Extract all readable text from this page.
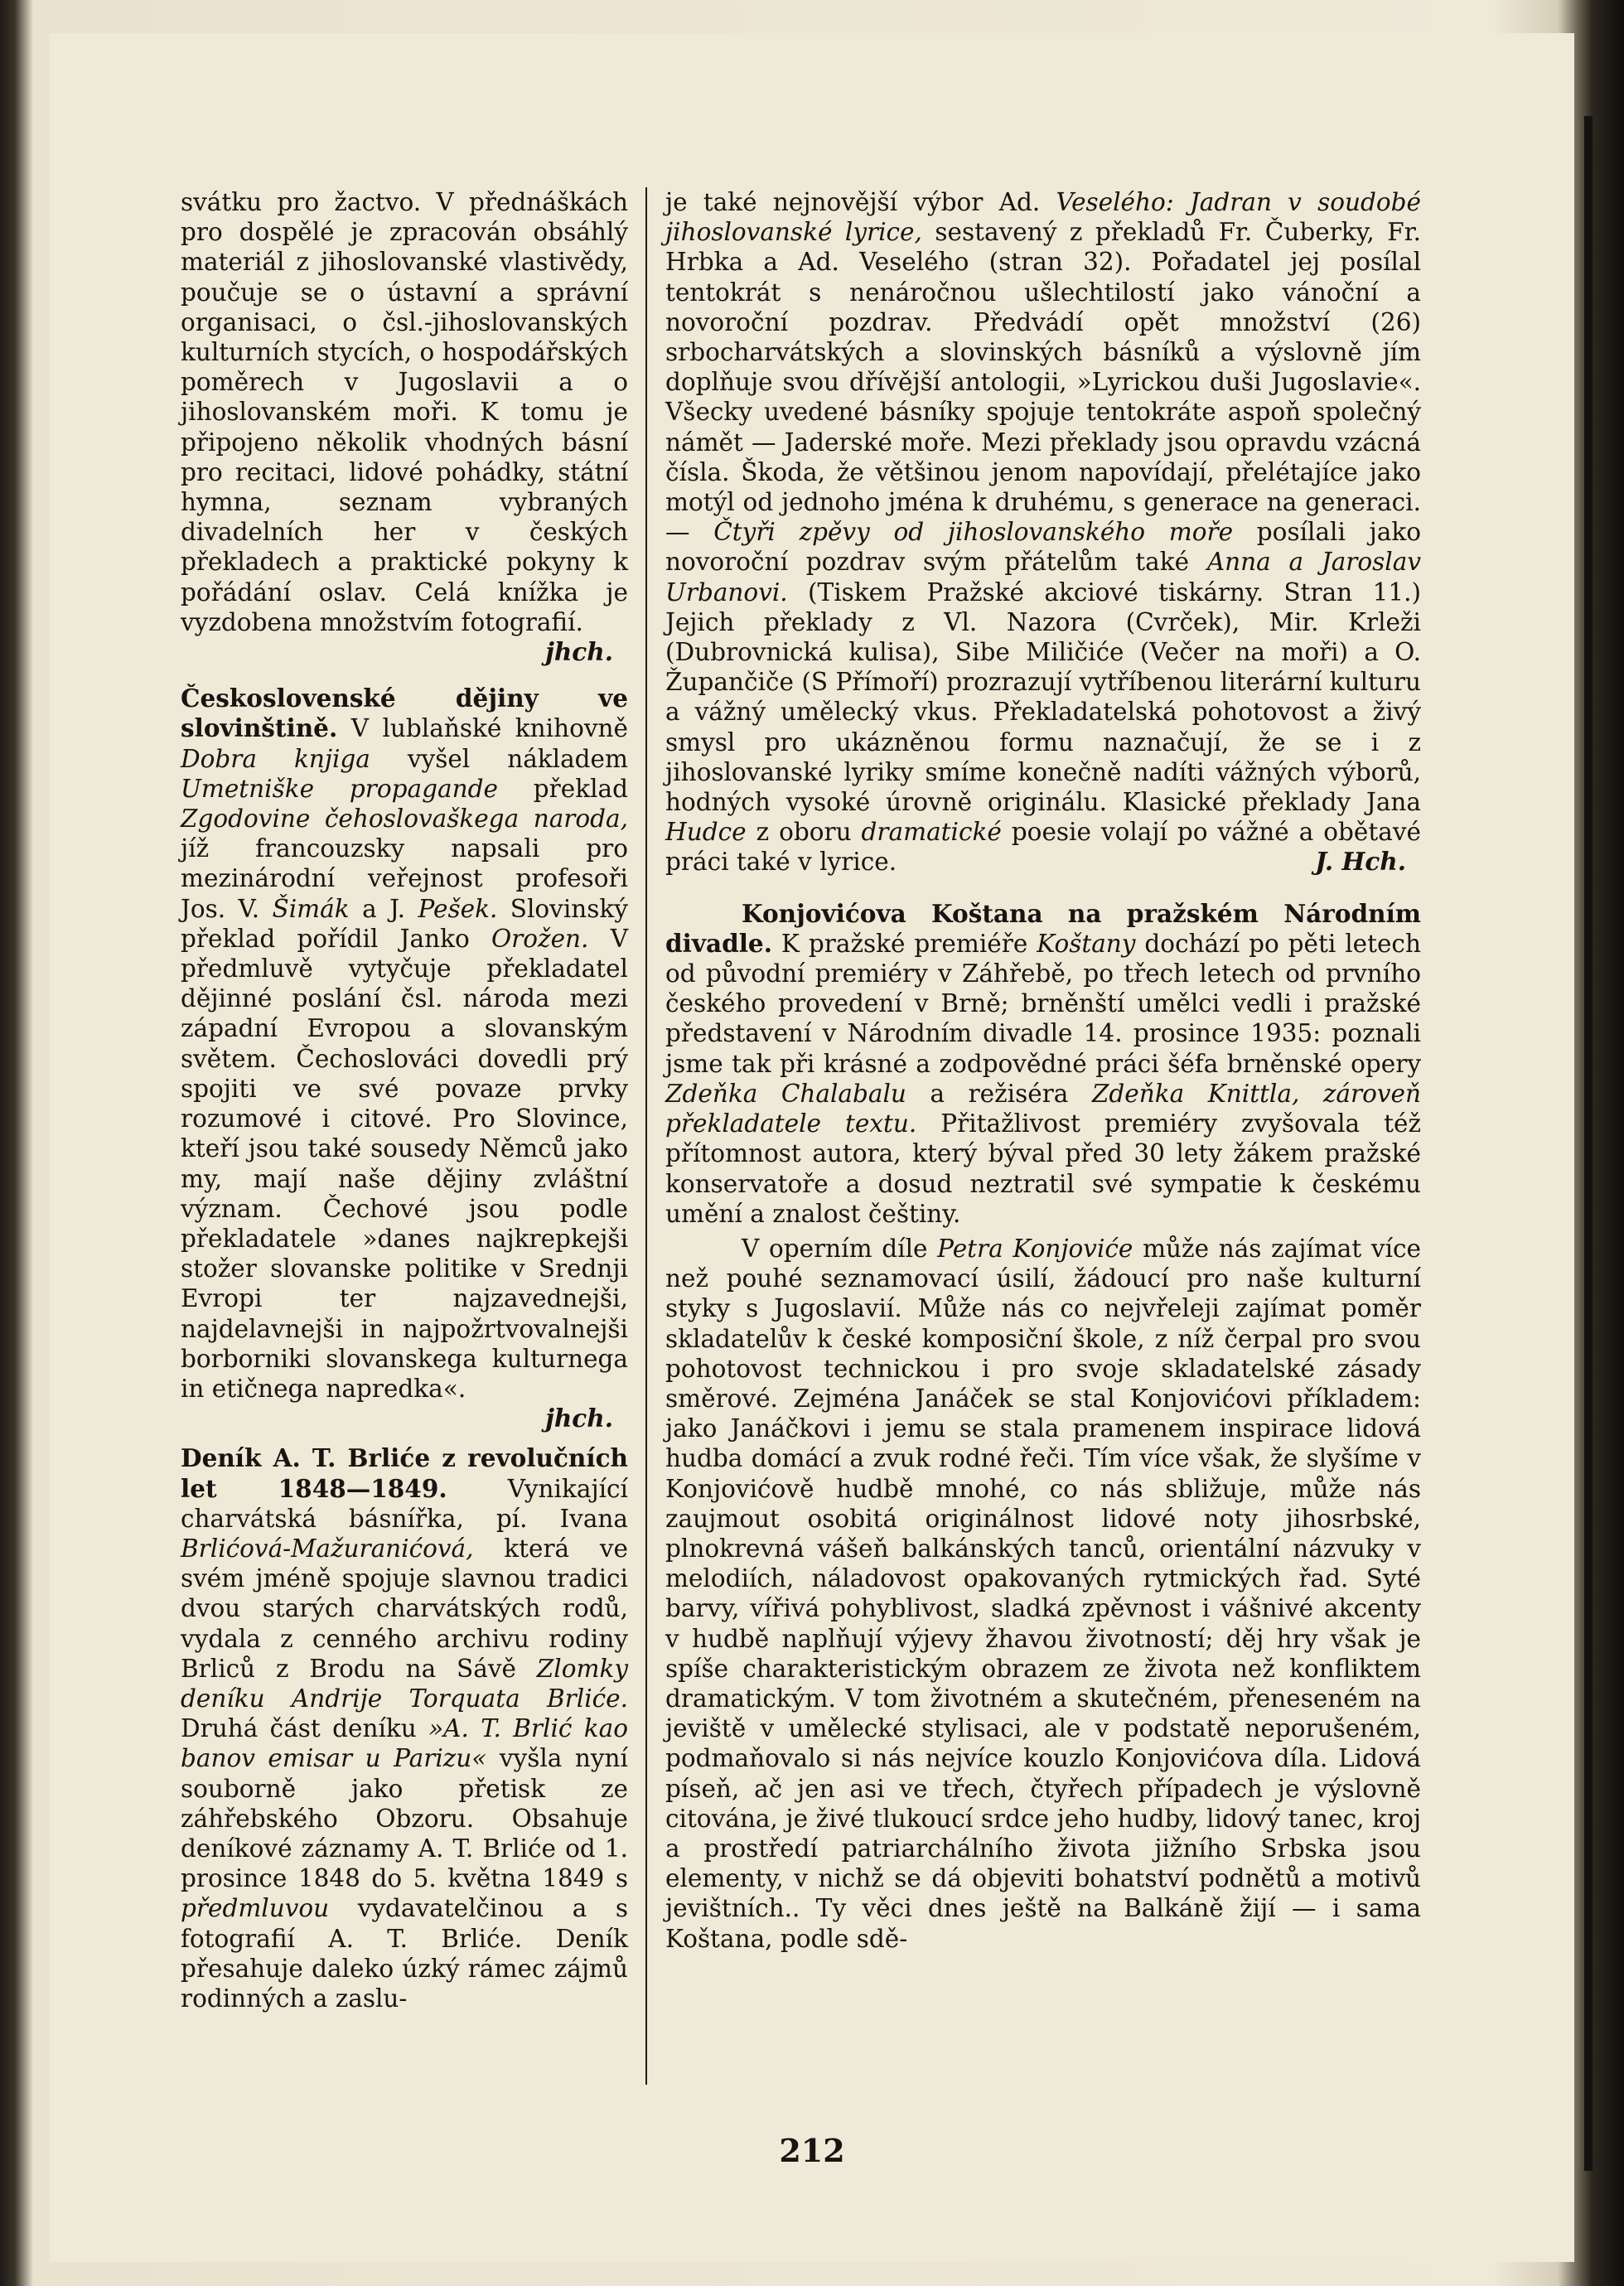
svátku pro žactvo. V přednáškách pro dospělé je zpracován obsáhlý materiál z jihoslovanské vlastivědy, poučuje se o ústavní a správní organisaci, o čsl.-jihoslovanských kulturních stycích, o hospodářských poměrech v Jugoslavii a o jihoslovanském moři. K tomu je připojeno několik vhodných básní pro recitaci, lidové pohádky, státní hymna, seznam vybraných divadelních her v českých překladech a praktické pokyny k pořádání oslav. Celá knížka je vyzdobena množstvím fotografií.

jhch.

Československé dějiny ve slovinštině. V lublaňské knihovně Dobra knjiga vyšel nákladem Umetniške propagande překlad Zgodovine čehoslovaškega naroda, jíž francouzsky napsali pro mezinárodní veřejnost profesoři Jos. V. Šimák a J. Pešek. Slovinský překlad pořídil Janko Orožen. V předmluvě vytyčuje překladatel dějinné poslání čsl. národa mezi západní Evropou a slovanským světem. Čechoslováci dovedli prý spojiti ve své povaze prvky rozumové i citové. Pro Slovince, kteří jsou také sousedy Němců jako my, mají naše dějiny zvláštní význam. Čechové jsou podle překladatele »danes najkrepkejši stožer slovanske politike v Srednji Evropi ter najzavednejši, najdelavnejši in najpožrtvovalnejši borborniki slovanskega kulturnega in etičnega napredka«.

jhch.

Deník A. T. Brliće z revolučních let 1848—1849. Vynikající charvátská básnířka, pí. Ivana Brlićová-Mažuranićová, která ve svém jméně spojuje slavnou tradici dvou starých charvátských rodů, vydala z cenného archivu rodiny Brliců z Brodu na Sávě Zlomky deníku Andrije Torquata Brliće. Druhá část deníku »A. T. Brlić kao banov emisar u Parizu« vyšla nyní souborně jako přetisk ze záhřebského Obzoru. Obsahuje deníkové záznamy A. T. Brliće od 1. prosince 1848 do 5. května 1849 s předmluvou vydavatelčinou a s fotografií A. T. Brliće. Deník přesahuje daleko úzký rámec zájmů rodinných a zaslu-

je také nejnovější výbor Ad. Veselého: Jadran v soudobé jihoslovanské lyrice, sestavený z překladů Fr. Čuberky, Fr. Hrbka a Ad. Veselého (stran 32). Pořadatel jej posílal tentokrát s nenáročnou ušlechtilostí jako vánoční a novoroční pozdrav. Předvádí opět množství (26) srbocharvátských a slovinských básníků a výslovně jím doplňuje svou dřívější antologii, »Lyrickou duši Jugoslavie«. Všecky uvedené básníky spojuje tentokráte aspoň společný námět — Jaderské moře. Mezi překlady jsou opravdu vzácná čísla. Škoda, že většinou jenom napovídají, přelétajíce jako motýl od jednoho jména k druhému, s generace na generaci. — Čtyři zpěvy od jihoslovanského moře posílali jako novoroční pozdrav svým přátelům také Anna a Jaroslav Urbanovi. (Tiskem Pražské akciové tiskárny. Stran 11.) Jejich překlady z Vl. Nazora (Cvrček), Mir. Krleži (Dubrovnická kulisa), Sibe Miličiće (Večer na moři) a O. Župančiče (S Přímoří) prozrazují vytříbenou literární kulturu a vážný umělecký vkus. Překladatelská pohotovost a živý smysl pro ukázněnou formu naznačují, že se i z jihoslovanské lyriky smíme konečně nadíti vážných výborů, hodných vysoké úrovně originálu. Klasické překlady Jana Hudce z oboru dramatické poesie volají po vážné a obětavé práci také v lyrice.	J. Hch.

Konjovićova Koštana na pražském Národním divadle. K pražské premiéře Koštany dochází po pěti letech od původní premiéry v Záhřebě, po třech letech od prvního českého provedení v Brně; brněnští umělci vedli i pražské představení v Národním divadle 14. prosince 1935: poznali jsme tak při krásné a zodpovědné práci šéfa brněnské opery Zdeňka Chalabalu a režiséra Zdeňka Knittla, zároveň překladatele textu. Přitažlivost premiéry zvyšovala též přítomnost autora, který býval před 30 lety žákem pražské konservatoře a dosud neztratil své sympatie k českému umění a znalost češtiny.

V operním díle Petra Konjoviće může nás zajímat více než pouhé seznamovací úsilí, žádoucí pro naše kulturní styky s Jugoslavií. Může nás co nejvřeleji zajímat poměr skladatelův k české komposiční škole, z níž čerpal pro svou pohotovost technickou i pro svoje skladatelské zásady směrové. Zejména Janáček se stal Konjovićovi příkladem: jako Janáčkovi i jemu se stala pramenem inspirace lidová hudba domácí a zvuk rodné řeči. Tím více však, že slyšíme v Konjovićově hudbě mnohé, co nás sbližuje, může nás zaujmout osobitá originálnost lidové noty jihosrbské, plnokrevná vášeň balkánských tanců, orientální názvuky v melodiích, náladovost opakovaných rytmických řad. Syté barvy, vířivá pohyblivost, sladká zpěvnost i vášnivé akcenty v hudbě naplňují výjevy žhavou životností; děj hry však je spíše charakteristickým obrazem ze života než konfliktem dramatickým. V tom životném a skutečném, přeneseném na jeviště v umělecké stylisaci, ale v podstatě neporušeném, podmaňovalo si nás nejvíce kouzlo Konjovićova díla. Lidová píseň, ač jen asi ve třech, čtyřech případech je výslovně citována, je živé tlukoucí srdce jeho hudby, lidový tanec, kroj a prostředí patriarchálního života jižního Srbska jsou elementy, v nichž se dá objeviti bohatství podnětů a motivů jevištních.. Ty věci dnes ještě na Balkáně žijí — i sama Koštana, podle sdě-

212
